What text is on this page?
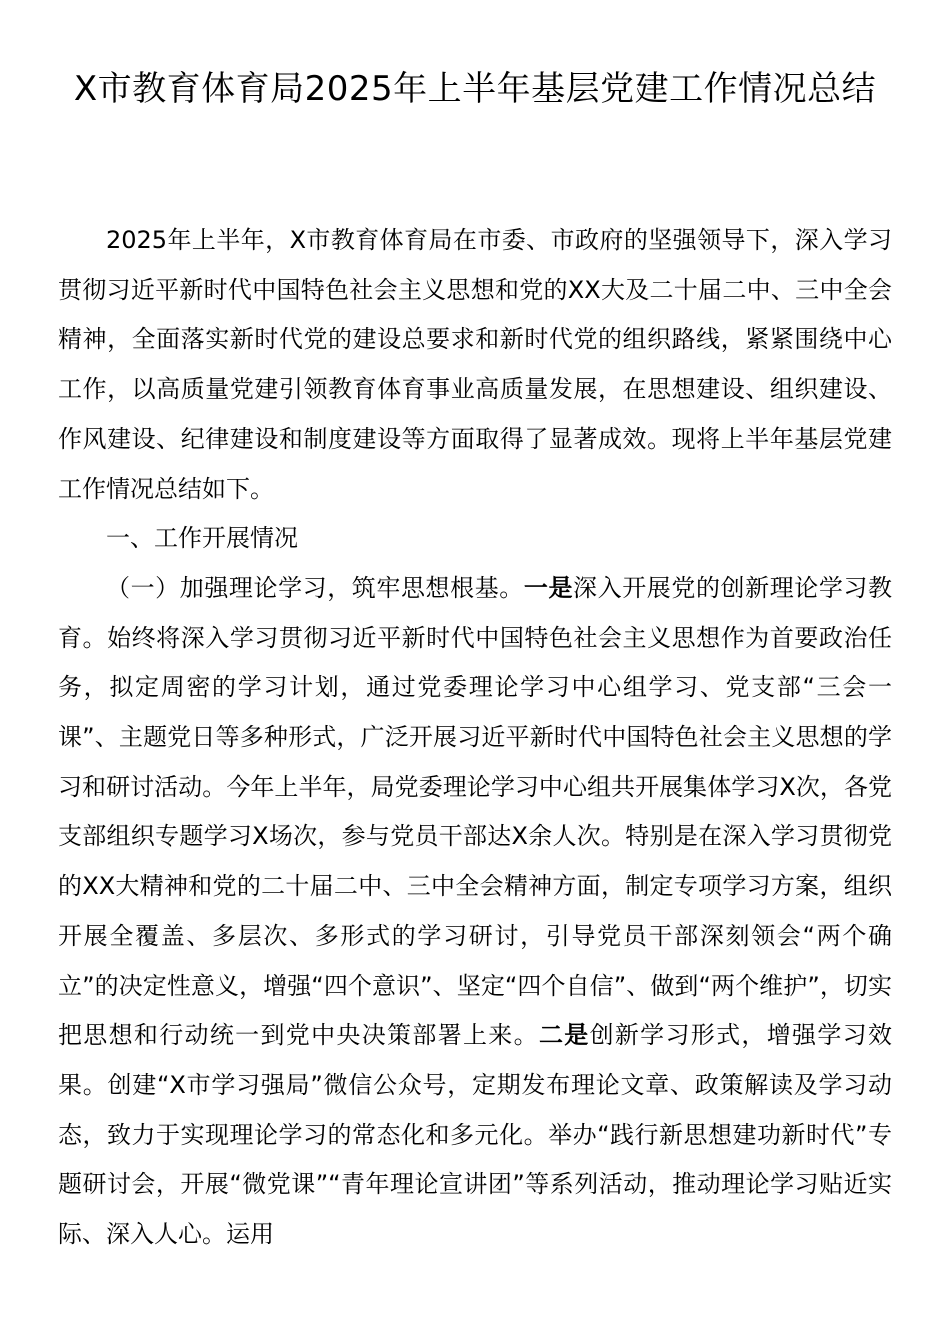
X市教育体育局2025年上半年基层党建工作情况总结

2025年上半年，X市教育体育局在市委、市政府的坚强领导下，深入学习贯彻习近平新时代中国特色社会主义思想和党的XX大及二十届二中、三中全会精神，全面落实新时代党的建设总要求和新时代党的组织路线，紧紧围绕中心工作，以高质量党建引领教育体育事业高质量发展，在思想建设、组织建设、作风建设、纪律建设和制度建设等方面取得了显著成效。现将上半年基层党建工作情况总结如下。

一、工作开展情况

（一）加强理论学习，筑牢思想根基。一是深入开展党的创新理论学习教育。始终将深入学习贯彻习近平新时代中国特色社会主义思想作为首要政治任务，拟定周密的学习计划，通过党委理论学习中心组学习、党支部“三会一课”、主题党日等多种形式，广泛开展习近平新时代中国特色社会主义思想的学习和研讨活动。今年上半年，局党委理论学习中心组共开展集体学习X次，各党支部组织专题学习X场次，参与党员干部达X余人次。特别是在深入学习贯彻党的XX大精神和党的二十届二中、三中全会精神方面，制定专项学习方案，组织开展全覆盖、多层次、多形式的学习研讨，引导党员干部深刻领会“两个确立”的决定性意义，增强“四个意识”、坚定“四个自信”、做到“两个维护”，切实把思想和行动统一到党中央决策部署上来。二是创新学习形式，增强学习效果。创建“X市学习强局”微信公众号，定期发布理论文章、政策解读及学习动态，致力于实现理论学习的常态化和多元化。举办“践行新思想建功新时代”专题研讨会，开展“微党课”“青年理论宣讲团”等系列活动，推动理论学习贴近实际、深入人心。运用
